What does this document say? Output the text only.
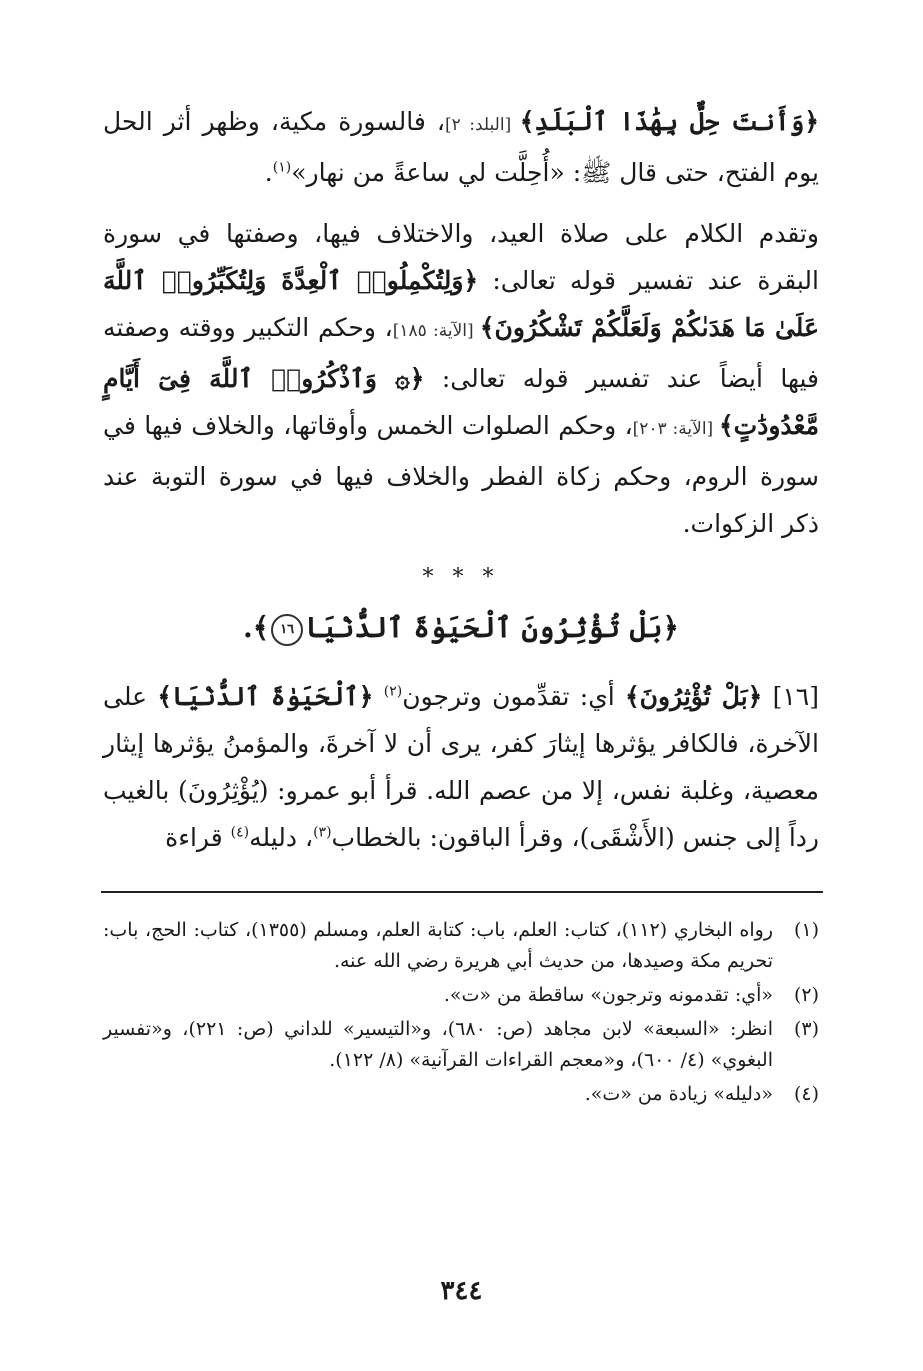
﴿وَأَنتَ حِلٌّ بِهَٰذَا ٱلْبَلَدِ﴾ [البلد: ٢]، فالسورة مكية، وظهر أثر الحل يوم الفتح، حتى قال ﷺ: «أُحِلَّت لي ساعةً من نهار»$^{(١)}$.

وتقدم الكلام على صلاة العيد، والاختلاف فيها، وصفتها في سورة البقرة عند تفسير قوله تعالى: ﴿وَلِتُكْمِلُوا۟ ٱلْعِدَّةَ وَلِتُكَبِّرُوا۟ ٱللَّهَ عَلَىٰ مَا هَدَىٰكُمْ وَلَعَلَّكُمْ تَشْكُرُونَ﴾ [الآية: ١٨٥]، وحكم التكبير ووقته وصفته فيها أيضاً عند تفسير قوله تعالى: ﴿۞ وَٱذْكُرُوا۟ ٱللَّهَ فِىٓ أَيَّامٍ مَّعْدُودَٰتٍ﴾ [الآية: ٢٠٣]، وحكم الصلوات الخمس وأوقاتها، والخلاف فيها في سورة الروم، وحكم زكاة الفطر والخلاف فيها في سورة التوبة عند ذكر الزكوات.

* * *
﴿بَلْ تُؤْثِرُونَ ٱلْحَيَوٰةَ ٱلدُّنْيَا١٦﴾.

[١٦] ﴿بَلْ تُؤْثِرُونَ﴾ أي: تقدِّمون وترجون$^{(٢)}$ ﴿ٱلْحَيَوٰةَ ٱلدُّنْيَا﴾ على الآخرة، فالكافر يؤثرها إيثارَ كفر، يرى أن لا آخرةَ، والمؤمنُ يؤثرها إيثار معصية، وغلبة نفس، إلا من عصم الله. قرأ أبو عمرو: (يُؤْثِرُونَ) بالغيب رداً إلى جنس (الأَشْقَى)، وقرأ الباقون: بالخطاب$^{(٣)}$، دليله$^{(٤)}$ قراءة

(١)
رواه البخاري (١١٢)، كتاب: العلم، باب: كتابة العلم، ومسلم (١٣٥٥)، كتاب: الحج، باب: تحريم مكة وصيدها، من حديث أبي هريرة رضي الله عنه.
(٢)
«أي: تقدمونه وترجون» ساقطة من «ت».
(٣)
انظر: «السبعة» لابن مجاهد (ص: ٦٨٠)، و«التيسير» للداني (ص: ٢٢١)، و«تفسير البغوي» (٤/ ٦٠٠)، و«معجم القراءات القرآنية» (٨/ ١٢٢).
(٤)
«دليله» زيادة من «ت».
٣٤٤
